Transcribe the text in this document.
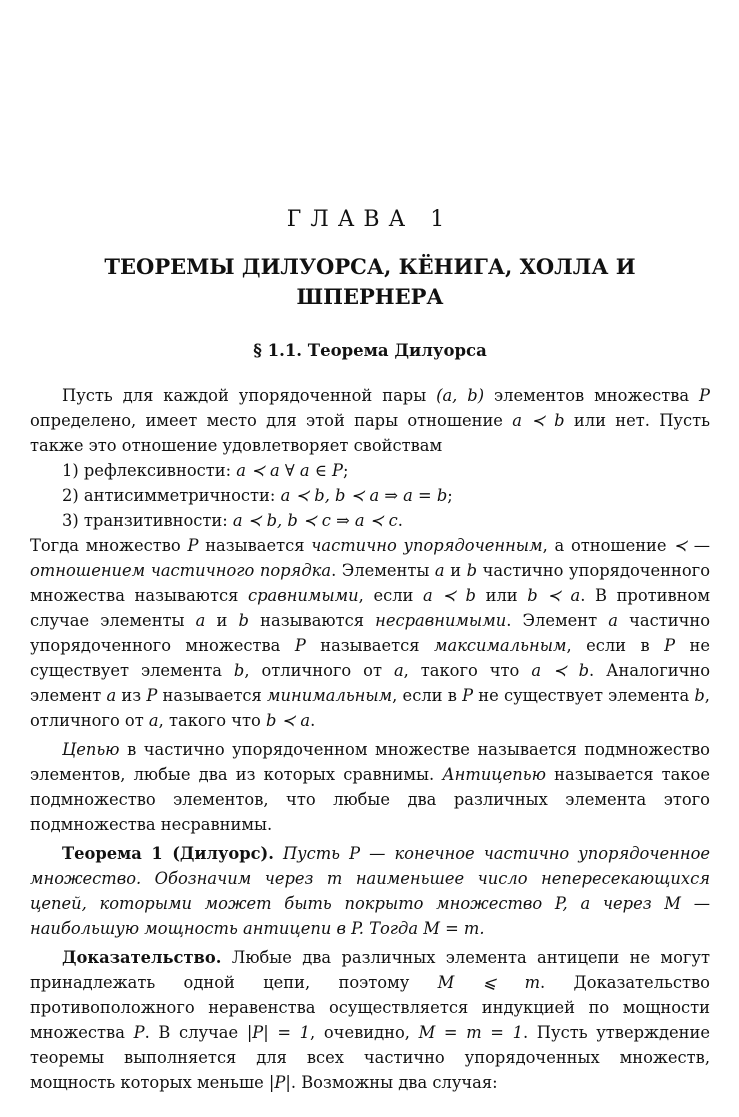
ГЛАВА 1
ТЕОРЕМЫ ДИЛУОРСА, КЁНИГА, ХОЛЛА И ШПЕРНЕРА
§ 1.1. Теорема Дилуорса

Пусть для каждой упорядоченной пары (a, b) элементов множества P определено, имеет место для этой пары отношение a ≺ b или нет. Пусть также это отношение удовлетворяет свойствам

1) рефлексивности: a ≺ a ∀ a ∈ P;
2) антисимметричности: a ≺ b, b ≺ a ⇒ a = b;
3) транзитивности: a ≺ b, b ≺ c ⇒ a ≺ c.

Тогда множество P называется частично упорядоченным, а отношение ≺ — отношением частичного порядка. Элементы a и b частично упорядоченного множества называются сравнимыми, если a ≺ b или b ≺ a. В противном случае элементы a и b называются несравнимыми. Элемент a частично упорядоченного множества P называется максимальным, если в P не существует элемента b, отличного от a, такого что a ≺ b. Аналогично элемент a из P называется минимальным, если в P не существует элемента b, отличного от a, такого что b ≺ a.

Цепью в частично упорядоченном множестве называется подмножество элементов, любые два из которых сравнимы. Антицепью называется такое подмножество элементов, что любые два различных элемента этого подмножества несравнимы.

Теорема 1 (Дилуорс). Пусть P — конечное частично упорядоченное множество. Обозначим через m наименьшее число непересекающихся цепей, которыми может быть покрыто множество P, а через M — наибольшую мощность антицепи в P. Тогда M = m.

Доказательство. Любые два различных элемента антицепи не могут принадлежать одной цепи, поэтому M ⩽ m. Доказательство противоположного неравенства осуществляется индукцией по мощности множества P. В случае |P| = 1, очевидно, M = m = 1. Пусть утверждение теоремы выполняется для всех частично упорядоченных множеств, мощность которых меньше |P|. Возможны два случая:
